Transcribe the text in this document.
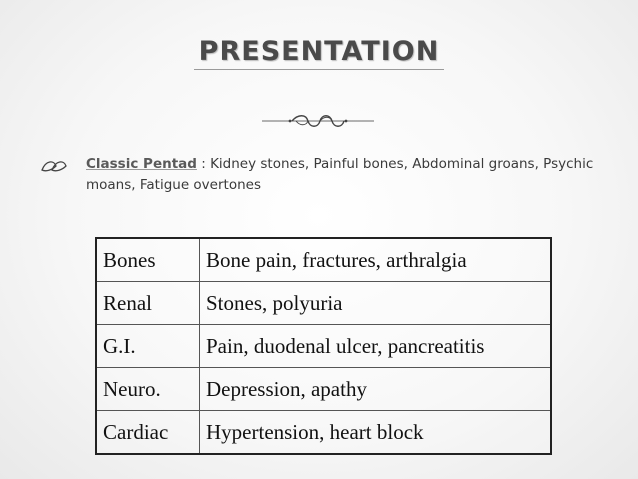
PRESENTATION
Classic Pentad : Kidney stones, Painful bones, Abdominal groans, Psychic moans, Fatigue overtones
Bones	Bone pain, fractures, arthralgia
Renal	Stones, polyuria
G.I.	Pain, duodenal ulcer, pancreatitis
Neuro.	Depression, apathy
Cardiac	Hypertension, heart block
